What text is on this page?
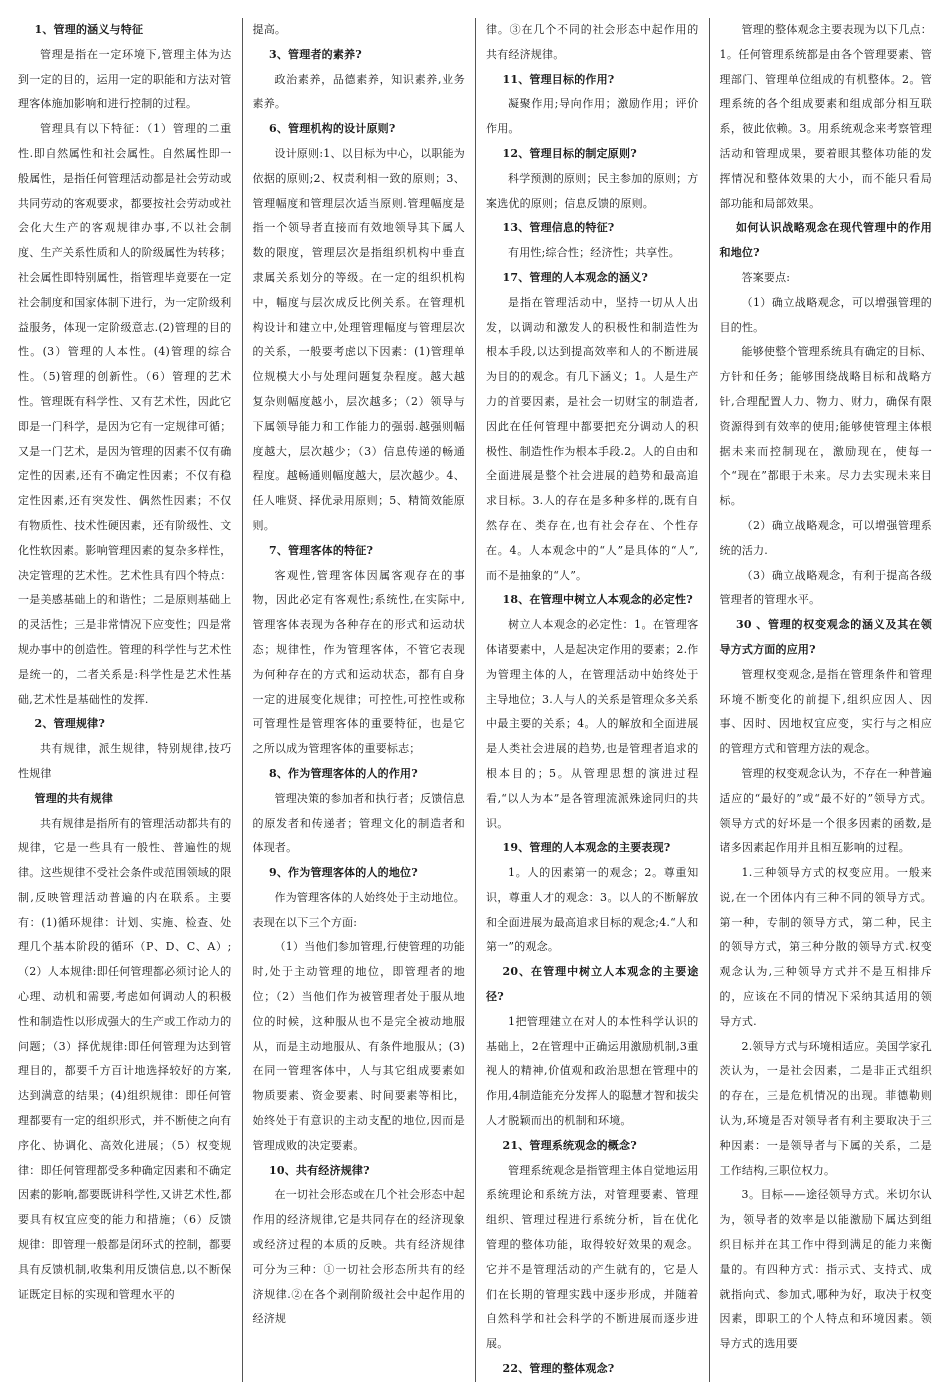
1、管理的涵义与特征

管理是指在一定环境下,管理主体为达到一定的目的，运用一定的职能和方法对管理客体施加影响和进行控制的过程。

管理具有以下特征：（1）管理的二重性.即自然属性和社会属性。自然属性即一般属性，是指任何管理活动都是社会劳动或共同劳动的客观要求，都要按社会劳动或社会化大生产的客观规律办事,不以社会制度、生产关系性质和人的阶级属性为转移；社会属性即特别属性，指管理毕竟要在一定社会制度和国家体制下进行，为一定阶级利益服务，体现一定阶级意志.(2)管理的目的性。(3）管理的人本性。(4)管理的综合性。（5)管理的创新性。（6）管理的艺术性。管理既有科学性、又有艺术性，因此它即是一门科学，是因为它有一定规律可循；又是一门艺术，是因为管理的因素不仅有确定性的因素,还有不确定性因素；不仅有稳定性因素,还有突发性、偶然性因素；不仅有物质性、技术性硬因素，还有阶级性、文化性软因素。影响管理因素的复杂多样性，决定管理的艺术性。艺术性具有四个特点：一是美感基础上的和谐性；二是原则基础上的灵活性；三是非常情况下应变性；四是常规办事中的创造性。管理的科学性与艺术性是统一的，二者关系是:科学性是艺术性基础,艺术性是基础性的发挥.

2、管理规律?

共有规律，派生规律，特别规律,技巧性规律

管理的共有规律

共有规律是指所有的管理活动都共有的规律，它是一些具有一般性、普遍性的规律。这些规律不受社会条件或范围领域的限制,反映管理活动普遍的内在联系。主要有：(1)循环规律：计划、实施、检查、处理几个基本阶段的循环（P、D、C、A）;（2）人本规律:即任何管理都必须讨论人的心理、动机和需要,考虑如何调动人的积极性和制造性以形成强大的生产或工作动力的问题；（3）择优规律:即任何管理为达到管理目的，都要千方百计地选择较好的方案,达到满意的结果；(4)组织规律：即任何管理都要有一定的组织形式，并不断使之向有序化、协调化、高效化进展；（5）权变规律：即任何管理都受多种确定因素和不确定因素的影响,都要既讲科学性,又讲艺术性,都要具有权宜应变的能力和措施；（6）反馈规律：即管理一般都是闭环式的控制，都要具有反馈机制,收集利用反馈信息,以不断保证既定目标的实现和管理水平的

提高。

3、管理者的素养?

政治素养，品德素养，知识素养,业务素养。

6、管理机构的设计原则?

设计原则:1、以目标为中心，以职能为依据的原则;2、权责利相一致的原则；3、管理幅度和管理层次适当原则.管理幅度是指一个领导者直接而有效地领导其下属人数的限度，管理层次是指组织机构中垂直隶属关系划分的等级。在一定的组织机构中，幅度与层次成反比例关系。在管理机构设计和建立中,处理管理幅度与管理层次的关系，一般要考虑以下因素：(1)管理单位规模大小与处理问题复杂程度。越大越复杂则幅度越小，层次越多；（2）领导与下属领导能力和工作能力的强弱.越强则幅度越大，层次越少；（3）信息传递的畅通程度。越畅通则幅度越大，层次越少。4、任人唯贤、择优录用原则；5、精简效能原则。

7、管理客体的特征?

客观性,管理客体因属客观存在的事物，因此必定有客观性;系统性,在实际中,管理客体表现为各种存在的形式和运动状态；规律性，作为管理客体，不管它表现为何种存在的方式和运动状态，都有自身一定的进展变化规律；可控性,可控性或称可管理性是管理客体的重要特征，也是它之所以成为管理客体的重要标志；

8、作为管理客体的人的作用?

管理决策的参加者和执行者；反馈信息的原发者和传递者；管理文化的制造者和体现者。

9、作为管理客体的人的地位?

作为管理客体的人始终处于主动地位。表现在以下三个方面:

（1）当他们参加管理,行使管理的功能时,处于主动管理的地位，即管理者的地位；（2）当他们作为被管理者处于服从地位的时候，这种服从也不是完全被动地服从，而是主动地服从、有条件地服从；(3)在同一管理客体中，人与其它组成要素如物质要素、资金要素、时间要素等相比，始终处于有意识的主动支配的地位,因而是管理成败的决定要素。

10、共有经济规律?

在一切社会形态或在几个社会形态中起作用的经济规律,它是共同存在的经济现象或经济过程的本质的反映。共有经济规律可分为三种：①一切社会形态所共有的经济规律.②在各个剥削阶级社会中起作用的经济规

律。③在几个不同的社会形态中起作用的共有经济规律。

11、管理目标的作用?

凝聚作用;导向作用；激励作用；评价作用。

12、管理目标的制定原则?

科学预测的原则；民主参加的原则；方案选优的原则；信息反馈的原则。

13、管理信息的特征?

有用性;综合性；经济性；共享性。

17、管理的人本观念的涵义?

是指在管理活动中，坚持一切从人出发，以调动和激发人的积极性和制造性为根本手段,以达到提高效率和人的不断进展为目的的观念。有几下涵义；1。人是生产力的首要因素，是社会一切财宝的制造者,因此在任何管理中都要把充分调动人的积极性、制造性作为根本手段.2。人的自由和全面进展是整个社会进展的趋势和最高追求目标。3.人的存在是多种多样的,既有自然存在、类存在,也有社会存在、个性存在。4。人本观念中的“人”是具体的“人”,而不是抽象的“人”。

18、在管理中树立人本观念的必定性?

树立人本观念的必定性：1。在管理客体诸要素中，人是起决定作用的要素；2.作为管理主体的人，在管理活动中始终处于主导地位；3.人与人的关系是管理众多关系中最主要的关系；4。人的解放和全面进展是人类社会进展的趋势,也是管理者追求的根本目的；5。从管理思想的演进过程看,“以人为本”是各管理流派殊途同归的共识。

19、管理的人本观念的主要表现?

1。人的因素第一的观念；2。尊重知识，尊重人才的观念：3。以人的不断解放和全面进展为最高追求目标的观念;4.“人和第一”的观念。

20、在管理中树立人本观念的主要途径?

1把管理建立在对人的本性科学认识的基础上，2在管理中正确运用激励机制,3重视人的精神,价值观和政治思想在管理中的作用,4制造能充分发挥人的聪慧才智和拔尖人才脱颖而出的机制和环境。

21、管理系统观念的概念?

管理系统观念是指管理主体自觉地运用系统理论和系统方法，对管理要素、管理组织、管理过程进行系统分析，旨在优化管理的整体功能，取得较好效果的观念。它并不是管理活动的产生就有的，它是人们在长期的管理实践中逐步形成，并随着自然科学和社会科学的不断进展而逐步进展。

22、管理的整体观念?

管理的整体观念主要表现为以下几点：1。任何管理系统都是由各个管理要素、管理部门、管理单位组成的有机整体。2。管理系统的各个组成要素和组成部分相互联系，彼此依赖。3。用系统观念来考察管理活动和管理成果，要着眼其整体功能的发挥情况和整体效果的大小，而不能只看局部功能和局部效果。

如何认识战略观念在现代管理中的作用和地位?

答案要点:

（1）确立战略观念，可以增强管理的目的性。

能够使整个管理系统具有确定的目标、方针和任务；能够围绕战略目标和战略方针,合理配置人力、物力、财力，确保有限资源得到有效率的使用;能够使管理主体根据未来而控制现在，激励现在，使每一个“现在”都眼于未来。尽力去实现未来目标。

（2）确立战略观念，可以增强管理系统的活力.

（3）确立战略观念，有利于提高各级管理者的管理水平。

30 、管理的权变观念的涵义及其在领导方式方面的应用?

管理权变观念,是指在管理条件和管理环境不断变化的前提下,组织应因人、因事、因时、因地权宜应变，实行与之相应的管理方式和管理方法的观念。

管理的权变观念认为，不存在一种普遍适应的“最好的”或“最不好的”领导方式。领导方式的好坏是一个很多因素的函数,是诸多因素起作用并且相互影响的过程。

1.三种领导方式的权变应用。一般来说,在一个团体内有三种不同的领导方式。第一种，专制的领导方式，第二种，民主的领导方式，第三种分散的领导方式.权变观念认为,三种领导方式并不是互相排斥的，应该在不同的情况下采纳其适用的领导方式.

2.领导方式与环境相适应。美国学家孔茨认为，一是社会因素，二是非正式组织的存在，三是危机情况的出现。菲德勒则认为,环境是否对领导者有利主要取决于三种因素：一是领导者与下属的关系，二是工作结构,三职位权力。

3。目标——途径领导方式。米切尔认为，领导者的效率是以能激励下属达到组织目标并在其工作中得到满足的能力来衡量的。有四种方式：指示式、支持式、成就指向式、参加式,哪种为好，取决于权变因素，即职工的个人特点和环境因素。领导方式的选用要
